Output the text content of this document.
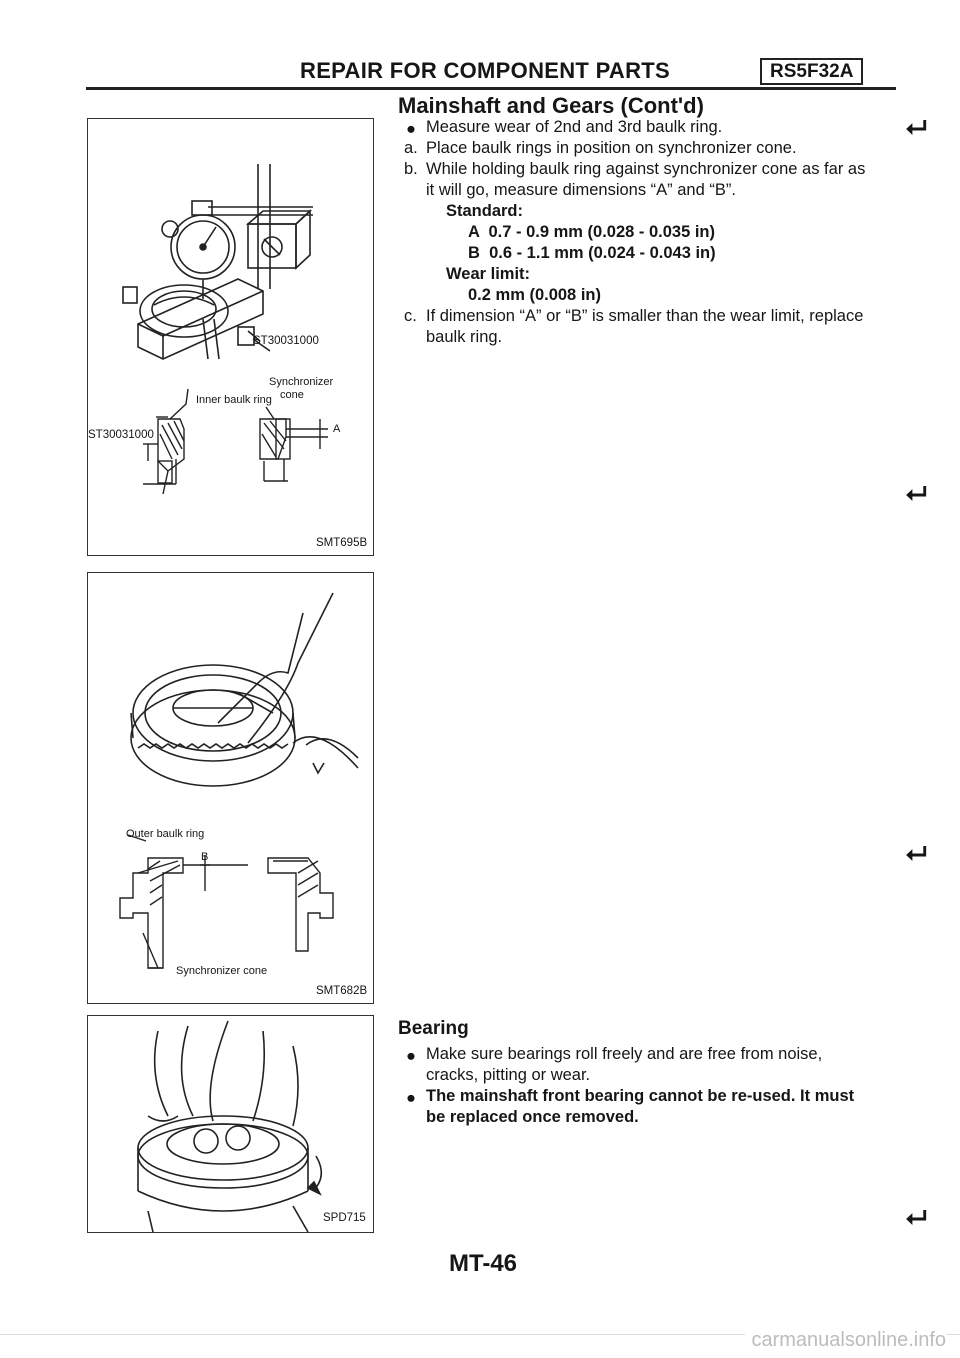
REPAIR FOR COMPONENT PARTS	RS5F32A
Mainshaft and Gears (Cont'd)
● Measure wear of 2nd and 3rd baulk ring.
a. Place baulk rings in position on synchronizer cone.
b. While holding baulk ring against synchronizer cone as far as
it will go, measure dimensions “A” and “B”.
Standard:
A  0.7 - 0.9 mm (0.028 - 0.035 in)
B  0.6 - 1.1 mm (0.024 - 0.043 in)
Wear limit:
0.2 mm (0.008 in)
c. If dimension “A” or “B” is smaller than the wear limit, replace
baulk ring.
Bearing
● Make sure bearings roll freely and are free from noise,
cracks, pitting or wear.
● The mainshaft front bearing cannot be re-used. It must
be replaced once removed.
⮠
⮠
⮠
⮠
ST30031000
Synchronizer
cone
Inner baulk ring
ST30031000	A
SMT695B
Outer baulk ring
B
Synchronizer cone
SMT682B
SPD715
MT-46
carmanualsonline.info
